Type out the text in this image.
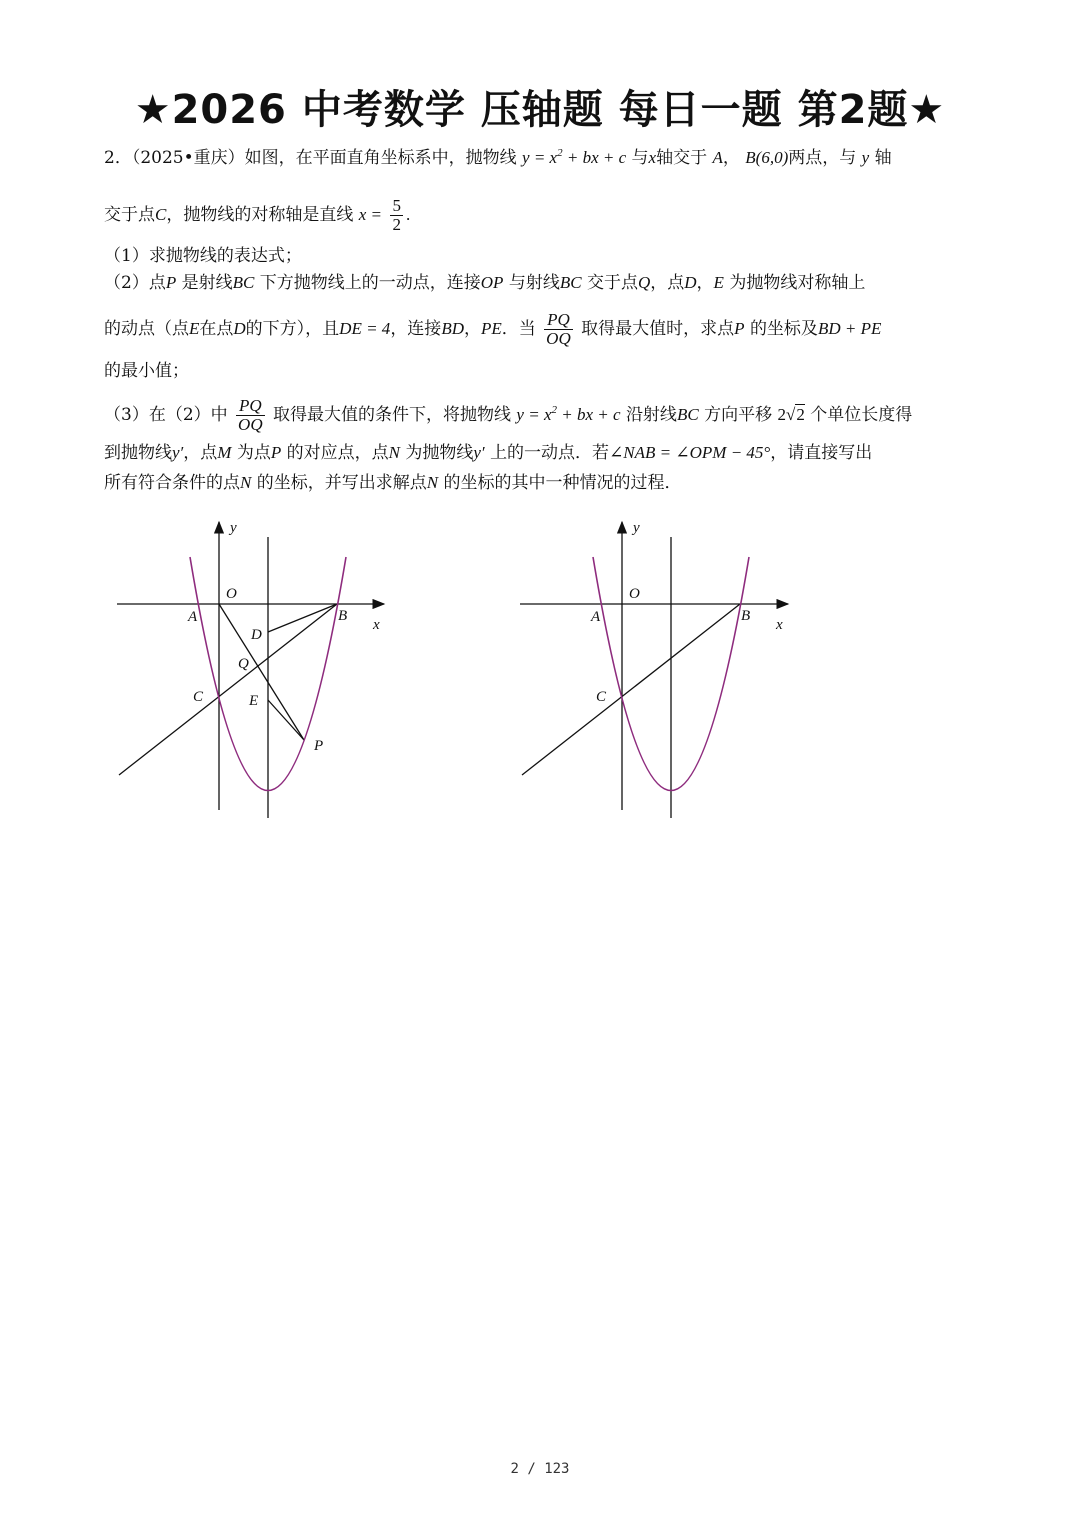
★2026 中考数学 压轴题 每日一题 第2题★
2．（2025•重庆）如图，在平面直角坐标系中，抛物线 $y = x^2$ + bx + c 与x轴交于 A， B(6,0)两点，与 y 轴
交于点C，抛物线的对称轴是直线 $x = \frac{5}{2}$ .
（1）求抛物线的表达式；
（2）点P 是射线BC 下方抛物线上的一动点，连接OP 与射线BC 交于点Q，点D，E 为抛物线对称轴上
的动点（点E在点D的下方），且DE = 4，连接BD，PE．当 $\frac{PQ}{OQ}$ 取得最大值时，求点P 的坐标及BD + PE
的最小值；
（3）在（2）中 $\frac{PQ}{OQ}$ 取得最大值的条件下，将抛物线 $y = x^2$ + bx + c 沿射线BC 方向平移 2√2 个单位长度得
到抛物线y′，点M 为点P 的对应点，点N 为抛物线y′ 上的一动点．若∠NAB = ∠OPM − 45°，请直接写出
所有符合条件的点N 的坐标，并写出求解点N 的坐标的其中一种情况的过程．
y
x
O
A	B
C
D
Q
E
P
y
x
O
A	B
C
2 / 123
